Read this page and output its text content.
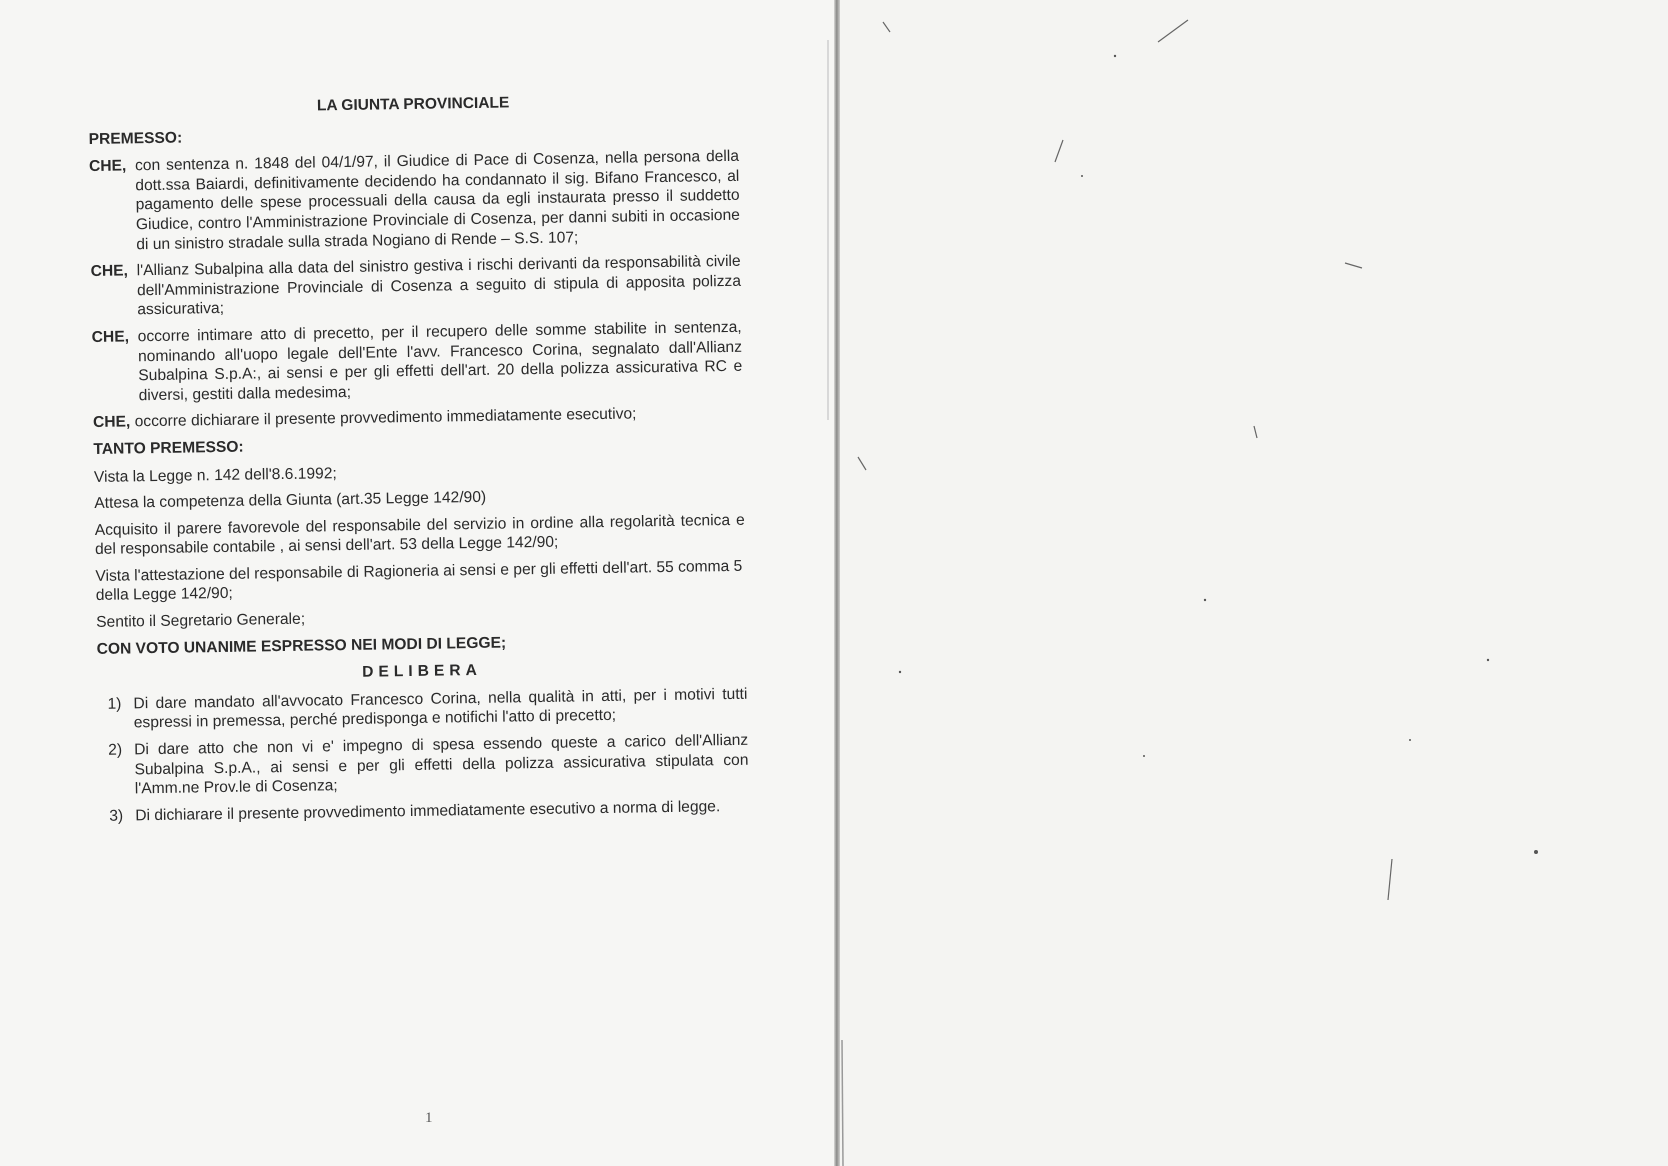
LA GIUNTA PROVINCIALE
PREMESSO:
CHE, con sentenza n. 1848 del 04/1/97, il Giudice di Pace di Cosenza, nella persona della dott.ssa Baiardi, definitivamente decidendo ha condannato il sig. Bifano Francesco, al pagamento delle spese processuali della causa da egli instaurata presso il suddetto Giudice, contro l'Amministrazione Provinciale di Cosenza, per danni subiti in occasione di un sinistro stradale sulla strada Nogiano di Rende – S.S. 107;
CHE, l'Allianz Subalpina alla data del sinistro gestiva i rischi derivanti da responsabilità civile dell'Amministrazione Provinciale di Cosenza a seguito di stipula di apposita polizza assicurativa;
CHE, occorre intimare atto di precetto, per il recupero delle somme stabilite in sentenza, nominando all'uopo legale dell'Ente l'avv. Francesco Corina, segnalato dall'Allianz Subalpina S.p.A:, ai sensi e per gli effetti dell'art. 20 della polizza assicurativa RC e diversi, gestiti dalla medesima;
CHE, occorre dichiarare il presente provvedimento immediatamente esecutivo;
TANTO PREMESSO:
Vista la Legge n. 142 dell'8.6.1992;
Attesa la competenza della Giunta (art.35 Legge 142/90)
Acquisito il parere favorevole del responsabile del servizio in ordine alla regolarità tecnica e del responsabile contabile , ai sensi dell'art. 53 della Legge 142/90;
Vista l'attestazione del responsabile di Ragioneria ai sensi e per gli effetti dell'art. 55 comma 5 della Legge 142/90;
Sentito il Segretario Generale;
CON VOTO UNANIME ESPRESSO NEI MODI DI LEGGE;
DELIBERA
1) Di dare mandato all'avvocato Francesco Corina, nella qualità in atti, per i motivi tutti espressi in premessa, perché predisponga e notifichi l'atto di precetto;
2) Di dare atto che non vi e' impegno di spesa essendo queste a carico dell'Allianz Subalpina S.p.A., ai sensi e per gli effetti della polizza assicurativa stipulata con l'Amm.ne Prov.le di Cosenza;
3) Di dichiarare il presente provvedimento immediatamente esecutivo a norma di legge.
1
